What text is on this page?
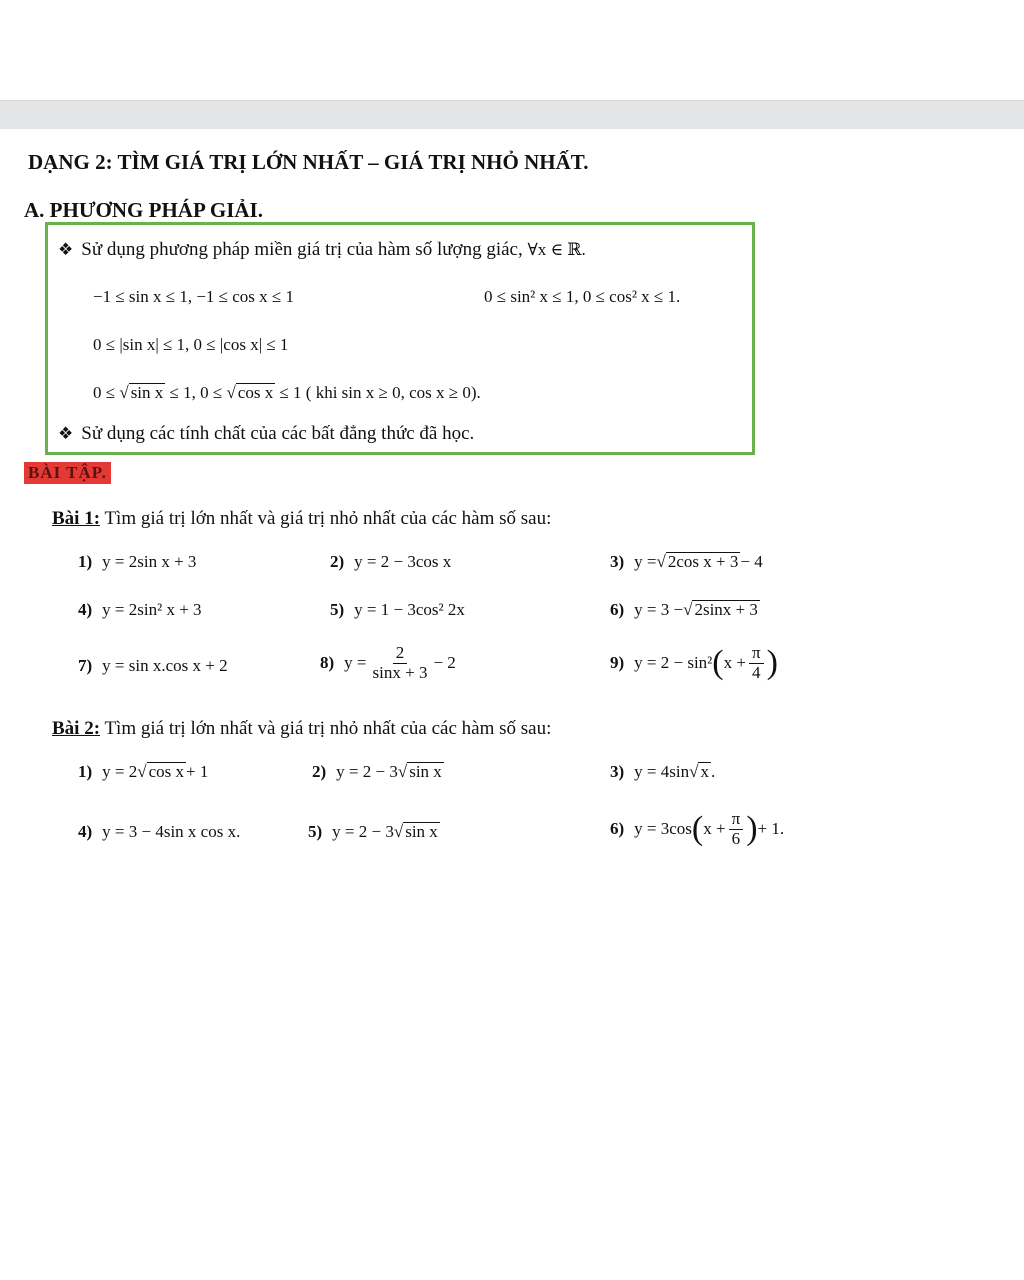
DẠNG 2: TÌM GIÁ TRỊ LỚN NHẤT – GIÁ TRỊ NHỎ NHẤT.
A. PHƯƠNG PHÁP GIẢI.
❖ Sử dụng phương pháp miền giá trị của hàm số lượng giác, ∀x ∈ ℝ.
−1 ≤ sin x ≤ 1, −1 ≤ cos x ≤ 1	0 ≤ sin² x ≤ 1, 0 ≤ cos² x ≤ 1.
0 ≤ |sin x| ≤ 1, 0 ≤ |cos x| ≤ 1
0 ≤ √ sin x ≤ 1, 0 ≤ √ cos x ≤ 1 ( khi sin x ≥ 0, cos x ≥ 0).
❖ Sử dụng các tính chất của các bất đẳng thức đã học.
BÀI TẬP.
Bài 1: Tìm giá trị lớn nhất và giá trị nhỏ nhất của các hàm số sau:
1) y = 2sin x + 3	2) y = 2 − 3cos x	3) y = √ 2cos x + 3 − 4
4) y = 2sin² x + 3	5) y = 1 − 3cos² 2x	6) y = 3 − √ 2sinx + 3
7) y = sin x.cos x + 2	8) $y = \frac{2}{\sin x + 3} - 2$	9) y = 2 − sin² ( $x + \frac{\pi}{4}$ )
Bài 2: Tìm giá trị lớn nhất và giá trị nhỏ nhất của các hàm số sau:
1) y = 2 √ cos x + 1	2) y = 2 − 3 √ sin x	3) y = 4sin √ x .
4) y = 3 − 4sin x cos x.	5) y = 2 − 3 √ sin x	6) y = 3cos ( $x + \frac{\pi}{6}$ ) + 1.
